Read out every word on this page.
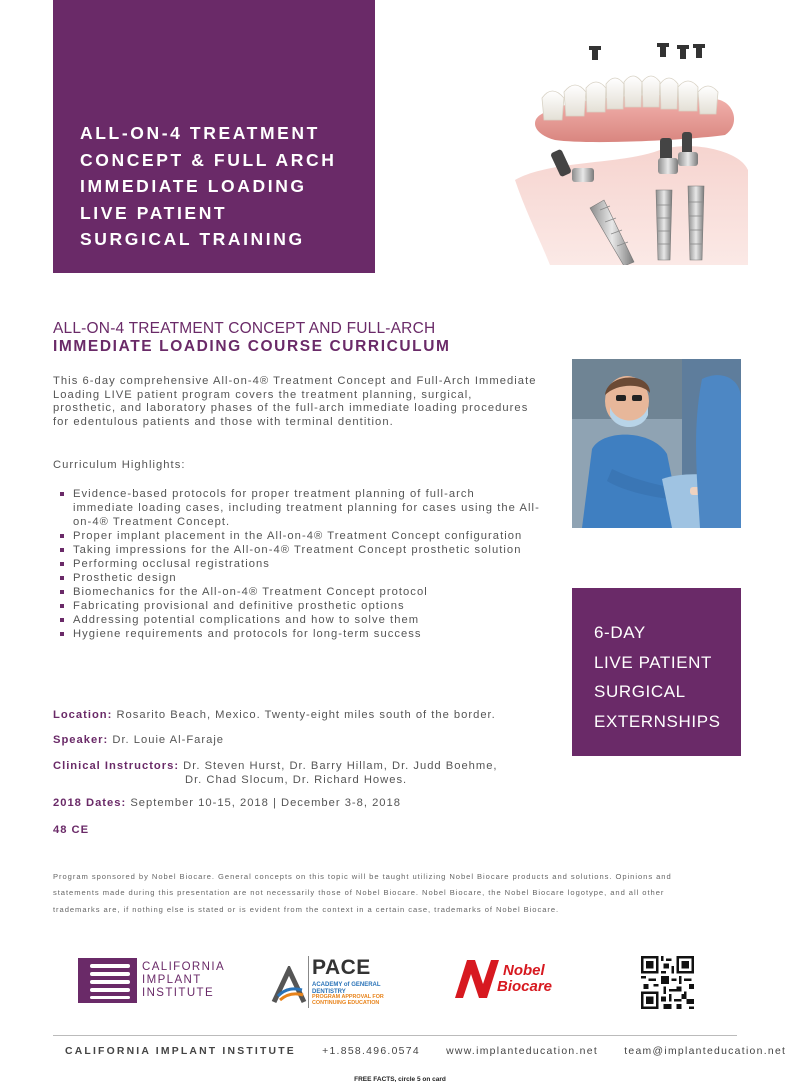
ALL-ON-4 TREATMENT
CONCEPT & FULL ARCH
IMMEDIATE LOADING
LIVE PATIENT
SURGICAL TRAINING
ALL-ON-4 TREATMENT CONCEPT AND FULL-ARCH
IMMEDIATE LOADING COURSE CURRICULUM
This 6-day comprehensive All-on-4® Treatment Concept and Full-Arch Immediate Loading LIVE patient program covers the treatment planning, surgical, prosthetic, and laboratory phases of the full-arch immediate loading procedures for edentulous patients and those with terminal dentition.
Curriculum Highlights:
Evidence-based protocols for proper treatment planning of full-arch immediate loading cases, including treatment planning for cases using the All-on-4® Treatment Concept.
Proper implant placement in the All-on-4® Treatment Concept configuration
Taking impressions for the All-on-4® Treatment Concept prosthetic solution
Performing occlusal registrations
Prosthetic design
Biomechanics for the All-on-4® Treatment Concept protocol
Fabricating provisional and definitive prosthetic options
Addressing potential complications and how to solve them
Hygiene requirements and protocols for long-term success	6-DAY
LIVE PATIENT
SURGICAL
EXTERNSHIPS
Location: Rosarito Beach, Mexico. Twenty-eight miles south of the border.
Speaker: Dr. Louie Al-Faraje
Clinical Instructors: Dr. Steven Hurst, Dr. Barry Hillam, Dr. Judd Boehme,
Dr. Chad Slocum, Dr. Richard Howes.
2018 Dates: September 10-15, 2018 | December 3-8, 2018
48 CE
Program sponsored by Nobel Biocare. General concepts on this topic will be taught utilizing Nobel Biocare products and solutions. Opinions and statements made during this presentation are not necessarily those of Nobel Biocare. Nobel Biocare, the Nobel Biocare logotype, and all other trademarks are, if nothing else is stated or is evident from the context in a certain case, trademarks of Nobel Biocare.
CALIFORNIA
IMPLANT
INSTITUTE
PACE
ACADEMY of GENERAL DENTISTRY
PROGRAM APPROVAL FOR CONTINUING EDUCATION
Nobel
Biocare
CALIFORNIA IMPLANT INSTITUTE	+1.858.496.0574	www.implanteducation.net	team@implanteducation.net
FREE FACTS, circle 5 on card
